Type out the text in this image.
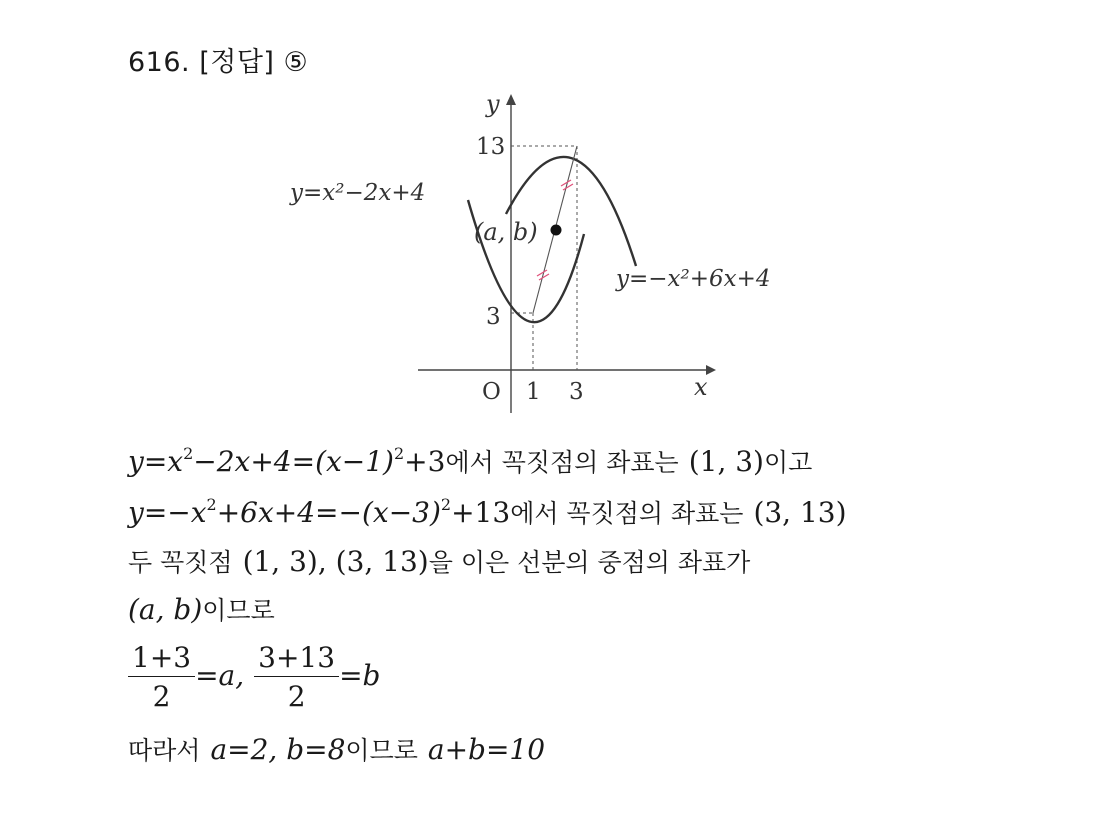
616. [정답] ⑤
y
x
O
13
3
1 3
y=x²−2x+4
y=−x²+6x+4
(a, b)
$y=x^2-2x+4=(x-1)^2+3$에서 꼭짓점의 좌표는 (1, 3)이고
$y=-x^2+6x+4=-(x-3)^2+13$에서 꼭짓점의 좌표는 (3, 13)
두 꼭짓점 (1, 3), (3, 13)을 이은 선분의 중점의 좌표가
(a, b)이므로
$\frac{1+3}{2} =a$, $\frac{3+13}{2} =b$
따라서 a=2, b=8이므로 a+b=10
